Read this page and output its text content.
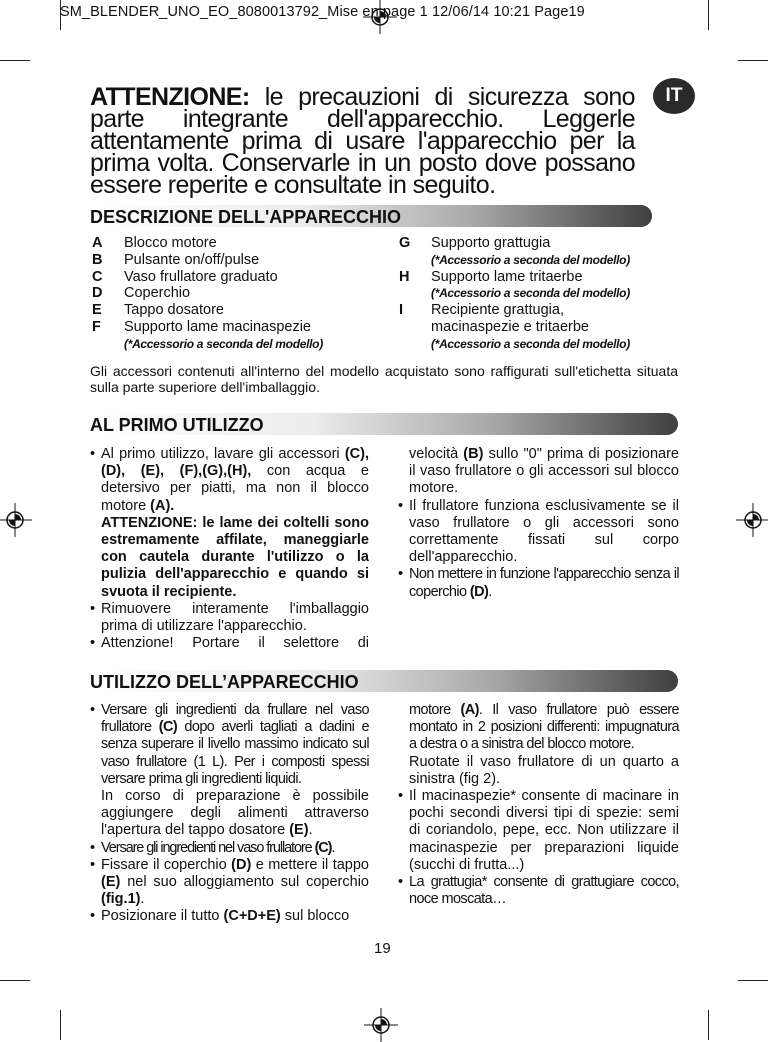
SM_BLENDER_UNO_EO_8080013792_Mise en page 1 12/06/14 10:21 Page19
IT
ATTENZIONE: le precauzioni di sicurezza sono parte integrante dell'apparecchio. Leggerle attentamente prima di usare l'apparecchio per la prima volta. Conservarle in un posto dove possano essere reperite e consultate in seguito.
DESCRIZIONE DELL'APPARECCHIO
A Blocco motore
B Pulsante on/off/pulse
C Vaso frullatore graduato
D Coperchio
E Tappo dosatore
F Supporto lame macinaspezie
(*Accessorio a seconda del modello)
G Supporto grattugia
(*Accessorio a seconda del modello)
H Supporto lame tritaerbe
(*Accessorio a seconda del modello)
I Recipiente grattugia,
macinaspezie e tritaerbe
(*Accessorio a seconda del modello)
Gli accessori contenuti all'interno del modello acquistato sono raffigurati sull'etichetta situata sulla parte superiore dell'imballaggio.
AL PRIMO UTILIZZO

• Al primo utilizzo, lavare gli accessori (C),(D), (E), (F),(G),(H), con acqua e detersivo per piatti, ma non il blocco motore (A).

ATTENZIONE: le lame dei coltelli sono estremamente affilate, maneggiarle con cautela durante l'utilizzo o la pulizia dell'apparecchio e quando si svuota il recipiente.

• Rimuovere interamente l'imballaggio prima di utilizzare l'apparecchio.

• Attenzione! Portare il selettore di

velocità (B) sullo "0" prima di posizionare il vaso frullatore o gli accessori sul blocco motore.

• Il frullatore funziona esclusivamente se il vaso frullatore o gli accessori sono correttamente fissati sul corpo dell'apparecchio.

• Non mettere in funzione l'apparecchio senza il coperchio (D).

UTILIZZO DELL’APPARECCHIO

• Versare gli ingredienti da frullare nel vaso frullatore (C) dopo averli tagliati a dadini e senza superare il livello massimo indicato sul vaso frullatore (1 L). Per i composti spessi versare prima gli ingredienti liquidi.

In corso di preparazione è possibile aggiungere degli alimenti attraverso l'apertura del tappo dosatore (E).

• Versare gli ingredienti nel vaso frullatore (C).

• Fissare il coperchio (D) e mettere il tappo (E) nel suo alloggiamento sul coperchio (fig.1).

• Posizionare il tutto (C+D+E) sul blocco

motore (A). Il vaso frullatore può essere montato in 2 posizioni differenti: impugnatura a destra o a sinistra del blocco motore.

Ruotate il vaso frullatore di un quarto a sinistra (fig 2).

• Il macinaspezie* consente di macinare in pochi secondi diversi tipi di spezie: semi di coriandolo, pepe, ecc. Non utilizzare il macinaspezie per preparazioni liquide (succhi di frutta...)

• La grattugia* consente di grattugiare cocco, noce moscata…

19
